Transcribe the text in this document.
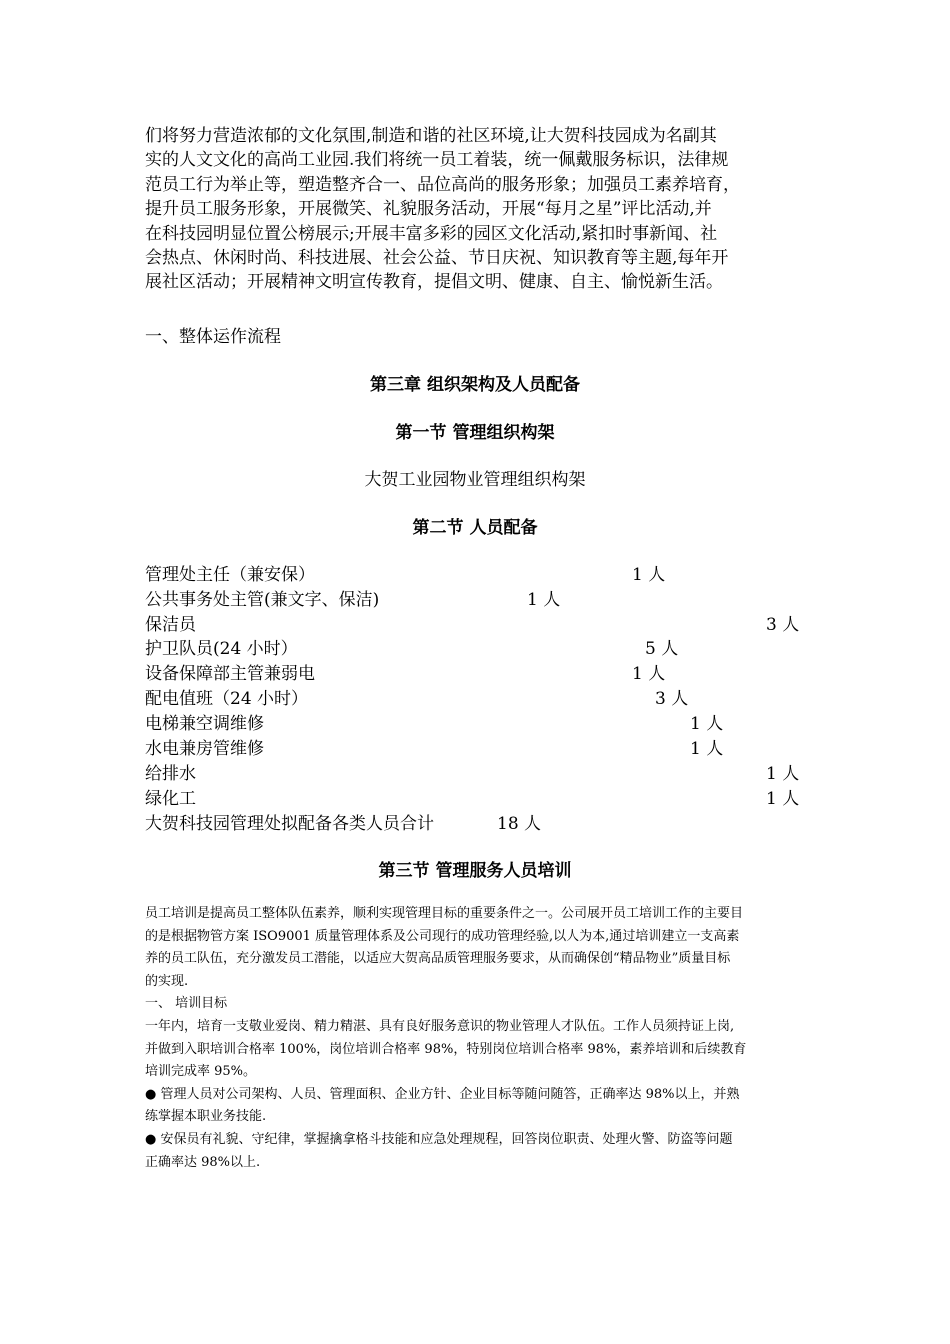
们将努力营造浓郁的文化氛围,制造和谐的社区环境,让大贺科技园成为名副其
实的人文文化的高尚工业园.我们将统一员工着装，统一佩戴服务标识，法律规
范员工行为举止等，塑造整齐合一、品位高尚的服务形象；加强员工素养培育，
提升员工服务形象，开展微笑、礼貌服务活动，开展“每月之星”评比活动,并
在科技园明显位置公榜展示;开展丰富多彩的园区文化活动,紧扣时事新闻、社
会热点、休闲时尚、科技进展、社会公益、节日庆祝、知识教育等主题,每年开
展社区活动；开展精神文明宣传教育，提倡文明、健康、自主、愉悦新生活。
一、整体运作流程
第三章 组织架构及人员配备
第一节 管理组织构架
大贺工业园物业管理组织构架
第二节 人员配备
管理处主任（兼安保）	1 人
公共事务处主管(兼文字、保洁)	1 人
保洁员	3 人
护卫队员(24 小时）	5 人
设备保障部主管兼弱电	1 人
配电值班（24 小时）	3 人
电梯兼空调维修	1 人
水电兼房管维修	1 人
给排水	1 人
绿化工	1 人
大贺科技园管理处拟配备各类人员合计	18 人
第三节 管理服务人员培训
员工培训是提高员工整体队伍素养，顺利实现管理目标的重要条件之一。公司展开员工培训工作的主要目
的是根据物管方案 ISO9001 质量管理体系及公司现行的成功管理经验,以人为本,通过培训建立一支高素
养的员工队伍，充分激发员工潜能，以适应大贺高品质管理服务要求，从而确保创“精品物业”质量目标
的实现.
一、 培训目标
一年内，培育一支敬业爱岗、精力精湛、具有良好服务意识的物业管理人才队伍。工作人员须持证上岗,
并做到入职培训合格率 100%，岗位培训合格率 98%，特别岗位培训合格率 98%，素养培训和后续教育
培训完成率 95%。
● 管理人员对公司架构、人员、管理面积、企业方针、企业目标等随问随答，正确率达 98%以上，并熟
练掌握本职业务技能.
● 安保员有礼貌、守纪律，掌握擒拿格斗技能和应急处理规程，回答岗位职责、处理火警、防盗等问题
正确率达 98%以上.
